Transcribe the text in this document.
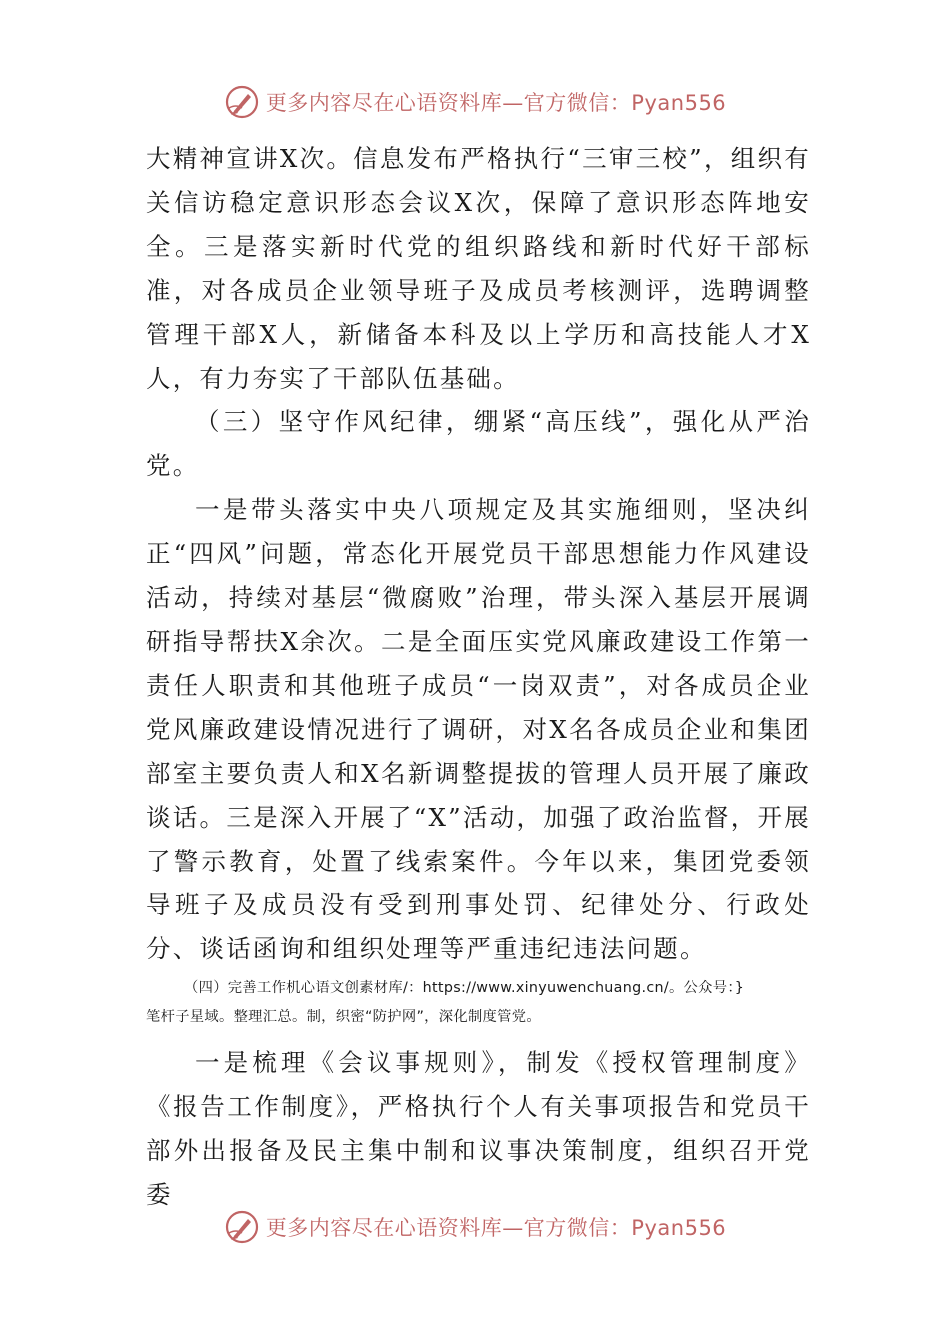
更多内容尽在心语资料库—官方微信：Pyan556

大精神宣讲X次。信息发布严格执行“三审三校”，组织有关信访稳定意识形态会议X次，保障了意识形态阵地安全。三是落实新时代党的组织路线和新时代好干部标准，对各成员企业领导班子及成员考核测评，选聘调整管理干部X人，新储备本科及以上学历和高技能人才X人，有力夯实了干部队伍基础。

（三）坚守作风纪律，绷紧“高压线”，强化从严治党。

一是带头落实中央八项规定及其实施细则，坚决纠正“四风”问题，常态化开展党员干部思想能力作风建设活动，持续对基层“微腐败”治理，带头深入基层开展调研指导帮扶X余次。二是全面压实党风廉政建设工作第一责任人职责和其他班子成员“一岗双责”，对各成员企业党风廉政建设情况进行了调研，对X名各成员企业和集团部室主要负责人和X名新调整提拔的管理人员开展了廉政谈话。三是深入开展了“X”活动，加强了政治监督，开展了警示教育，处置了线索案件。今年以来，集团党委领导班子及成员没有受到刑事处罚、纪律处分、行政处分、谈话函询和组织处理等严重违纪违法问题。

（四）完善工作机心语文创素材库/：https://www.xinyuwenchuang.cn/。公众号：}
笔杆子星域。整理汇总。制，织密“防护网”，深化制度管党。

一是梳理《会议事规则》，制发《授权管理制度》《报告工作制度》，严格执行个人有关事项报告和党员干部外出报备及民主集中制和议事决策制度，组织召开党委

更多内容尽在心语资料库—官方微信：Pyan556
